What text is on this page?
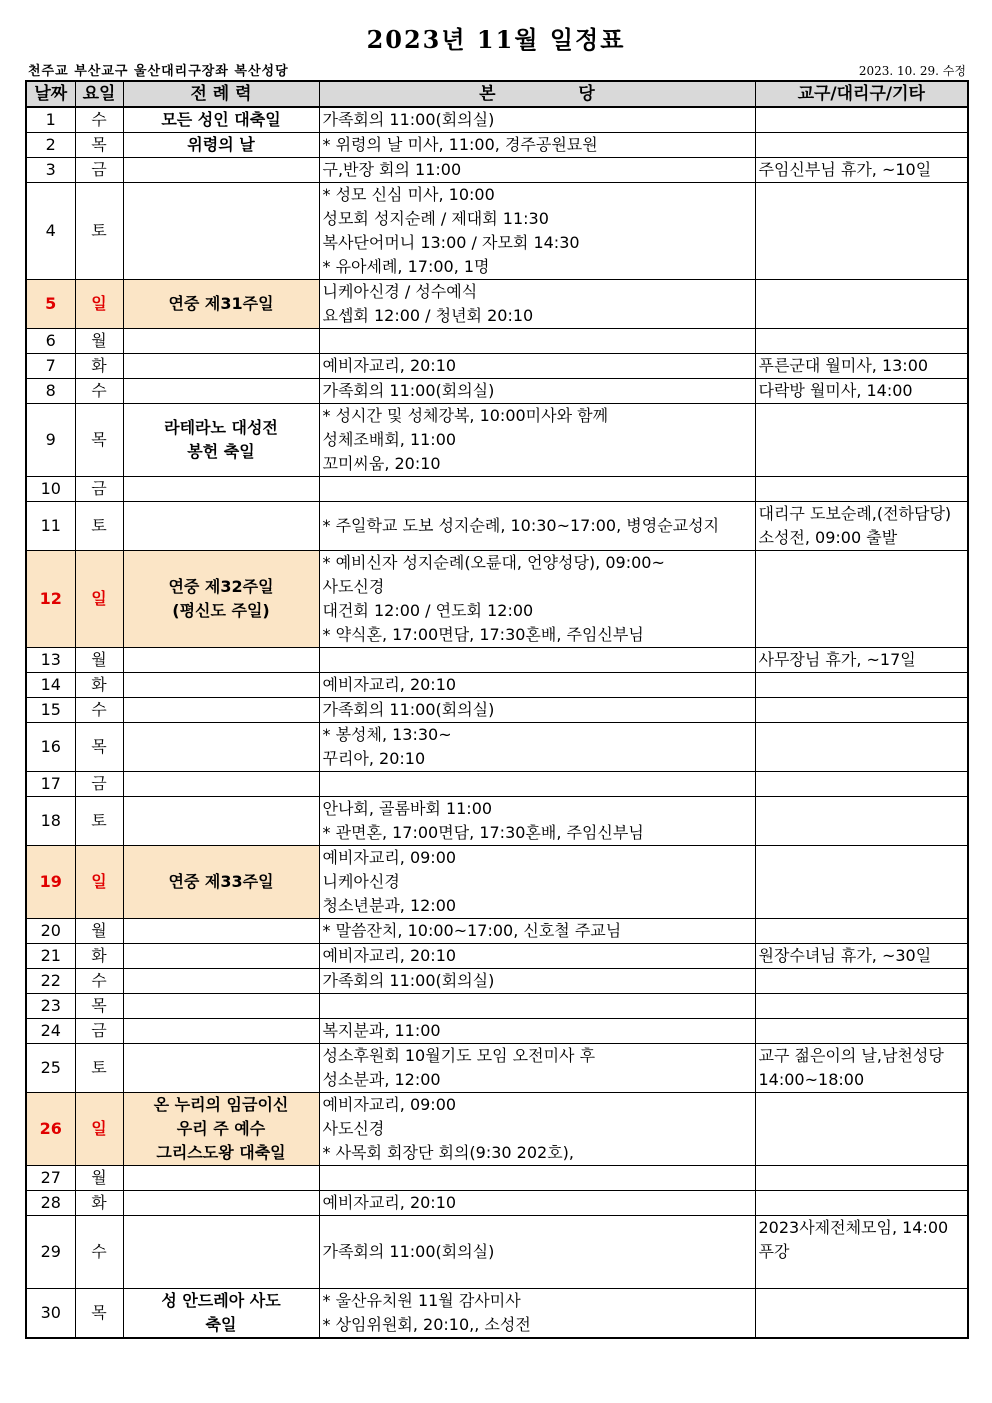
2023년 11월 일정표
천주교 부산교구 울산대리구장좌 복산성당	2023. 10. 29. 수정
날짜	요일	전 례 력	본              당	교구/대리구/기타
1	수	모든 성인 대축일	가족회의 11:00(회의실)	

2	목	위령의 날	* 위령의 날 미사, 11:00, 경주공원묘원	

3	금		구,반장 회의 11:00	주임신부님 휴가, ~10일

4	토		* 성모 신심 미사, 10:00
성모회 성지순례 / 제대회 11:30
복사단어머니 13:00 / 자모회 14:30
* 유아세례, 17:00, 1명	

5	일	연중 제31주일	니케아신경 / 성수예식
요셉회 12:00 / 청년회 20:10	

6	월			
7	화		예비자교리, 20:10	푸른군대 월미사, 13:00

8	수		가족회의 11:00(회의실)	다락방 월미사, 14:00

9	목	라테라노 대성전
봉헌 축일	* 성시간 및 성체강복, 10:00미사와 함께
성체조배회, 11:00
꼬미씨움, 20:10	

10	금			
11	토		* 주일학교 도보 성지순례, 10:30~17:00, 병영순교성지	대리구 도보순례,(전하담당)
소성전, 09:00 출발

12	일	연중 제32주일
(평신도 주일)	* 예비신자 성지순례(오륜대, 언양성당), 09:00~
사도신경
대건회 12:00 / 연도회 12:00
* 약식혼, 17:00면담, 17:30혼배, 주임신부님	

13	월			사무장님 휴가, ~17일

14	화		예비자교리, 20:10	

15	수		가족회의 11:00(회의실)	

16	목		* 봉성체, 13:30~
꾸리아, 20:10	

17	금			
18	토		안나회, 골롬바회 11:00
* 관면혼, 17:00면담, 17:30혼배, 주임신부님	

19	일	연중 제33주일	예비자교리, 09:00
니케아신경
청소년분과, 12:00	

20	월		* 말씀잔치, 10:00~17:00, 신호철 주교님	

21	화		예비자교리, 20:10	원장수녀님 휴가, ~30일

22	수		가족회의 11:00(회의실)	

23	목			
24	금		복지분과, 11:00	

25	토		성소후원회 10월기도 모임 오전미사 후
성소분과, 12:00	교구 젊은이의 날,남천성당
14:00~18:00

26	일	온 누리의 임금이신
우리 주 예수
그리스도왕 대축일	예비자교리, 09:00
사도신경
* 사목회 회장단 회의(9:30 202호),	

27	월			
28	화		예비자교리, 20:10	

29	수		가족회의 11:00(회의실)	2023사제전체모임, 14:00
푸강

30	목	성 안드레아 사도
축일	* 울산유치원 11월 감사미사
* 상임위원회, 20:10,, 소성전	
